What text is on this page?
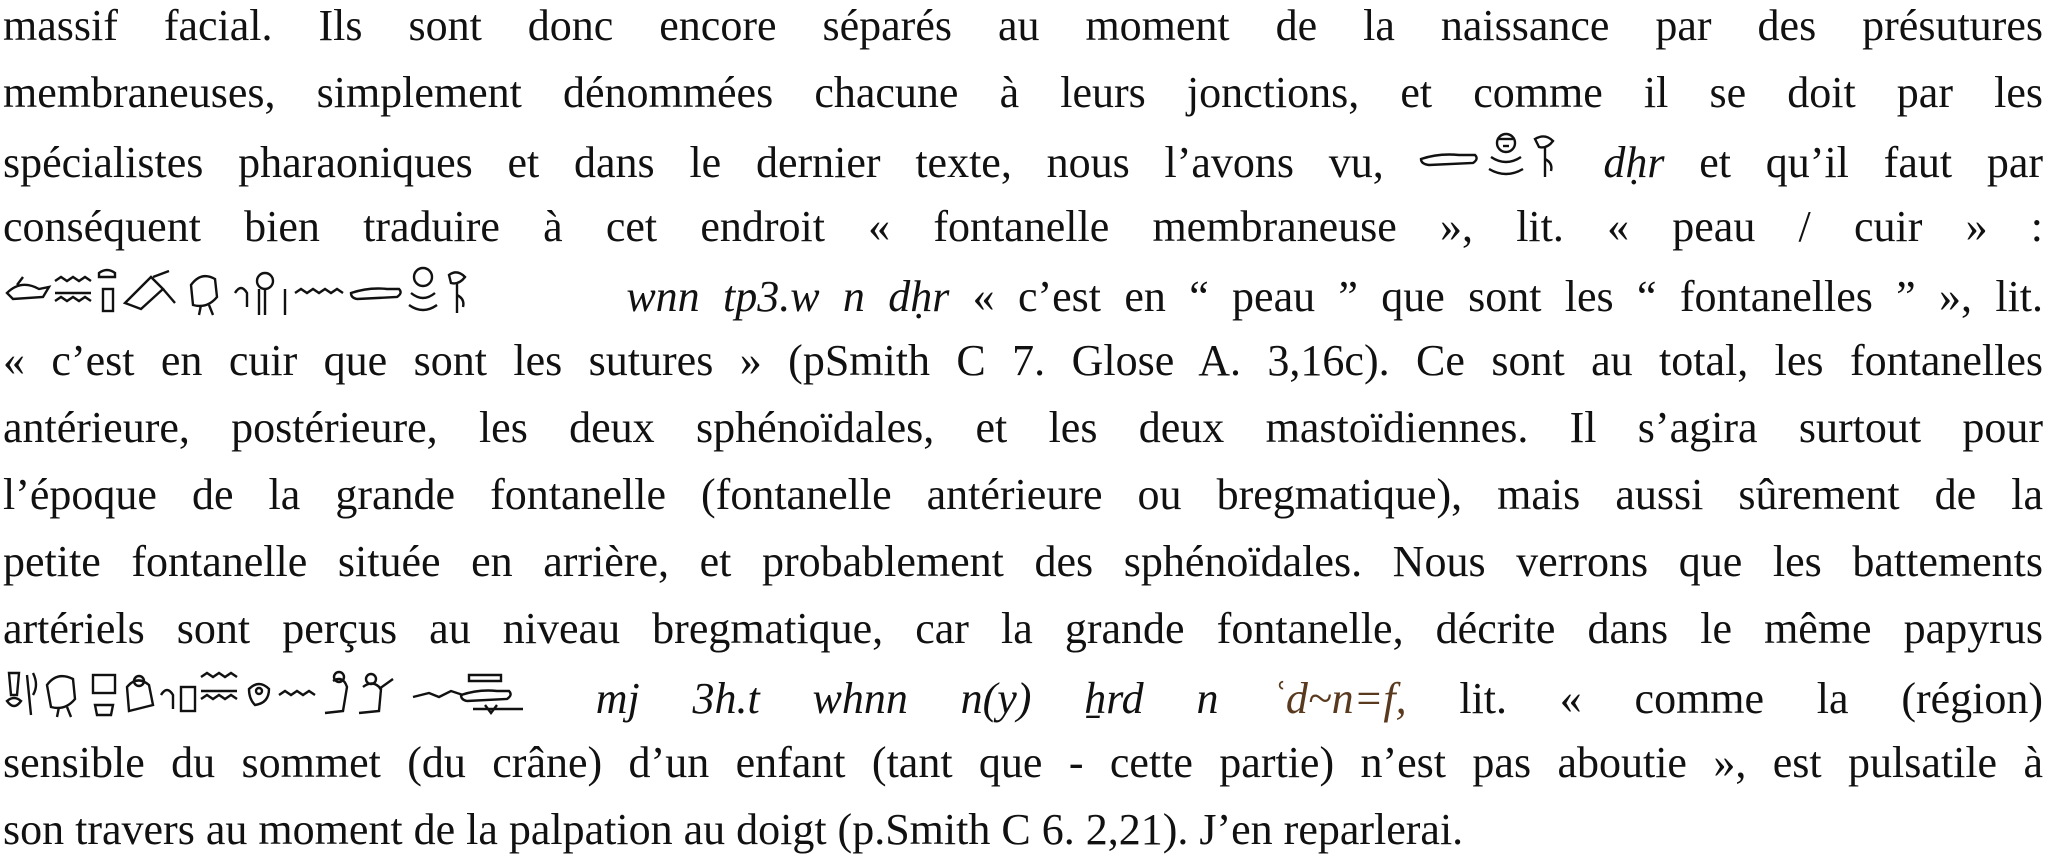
massif facial. Ils sont donc encore séparés au moment de la naissance par des présutures
membraneuses, simplement dénommées chacune à leurs jonctions, et comme il se doit par les
spécialistes pharaoniques et dans le dernier texte, nous l’avons vu,	dḥr et qu’il faut par
conséquent bien traduire à cet endroit « fontanelle membraneuse », lit. « peau / cuir » :
wnn tp3.w n dḥr « c’est en “ peau ” que sont les “ fontanelles ” », lit.
« c’est en cuir que sont les sutures » (pSmith C 7. Glose A. 3,16c). Ce sont au total, les fontanelles
antérieure, postérieure, les deux sphénoïdales, et les deux mastoïdiennes. Il s’agira surtout pour
l’époque de la grande fontanelle (fontanelle antérieure ou bregmatique), mais aussi sûrement de la
petite fontanelle située en arrière, et probablement des sphénoïdales. Nous verrons que les battements
artériels sont perçus au niveau bregmatique, car la grande fontanelle, décrite dans le même papyrus
mj 3h.t whnn n(y) ẖrd n ʿd~n=f, lit. « comme la (région)
sensible du sommet (du crâne) d’un enfant (tant que - cette partie) n’est pas aboutie », est pulsatile à
son travers au moment de la palpation au doigt (p.Smith C 6. 2,21). J’en reparlerai.
